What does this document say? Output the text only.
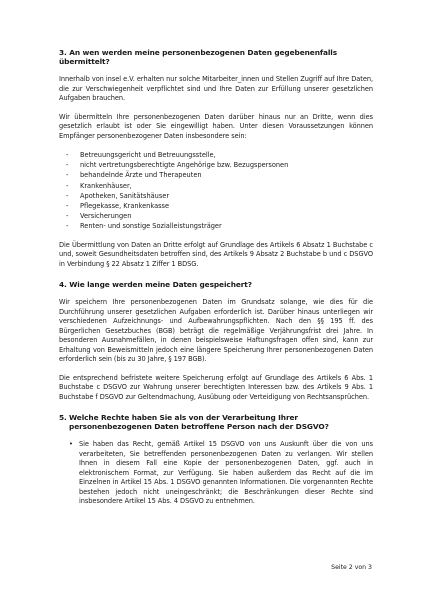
3. An wen werden meine personenbezogenen Daten gegebenenfalls übermittelt?

Innerhalb von insel e.V. erhalten nur solche Mitarbeiter_innen und Stellen Zugriff auf Ihre Daten, die zur Verschwiegenheit verpflichtet sind und Ihre Daten zur Erfüllung unserer gesetzlichen Aufgaben brauchen.

Wir übermitteln Ihre personenbezogenen Daten darüber hinaus nur an Dritte, wenn dies gesetzlich erlaubt ist oder Sie eingewilligt haben. Unter diesen Voraussetzungen können Empfänger personenbezogener Daten insbesondere sein:

- Betreuungsgericht und Betreuungsstelle,
- nicht vertretungsberechtigte Angehörige bzw. Bezugspersonen
- behandelnde Ärzte und Therapeuten
- Krankenhäuser,
- Apotheken, Sanitätshäuser
- Pflegekasse, Krankenkasse
- Versicherungen
- Renten- und sonstige Sozialleistungsträger

Die Übermittlung von Daten an Dritte erfolgt auf Grundlage des Artikels 6 Absatz 1 Buchstabe c und, soweit Gesundheitsdaten betroffen sind, des Artikels 9 Absatz 2 Buchstabe b und c DSGVO in Verbindung § 22 Absatz 1 Ziffer 1 BDSG.

4. Wie lange werden meine Daten gespeichert?

Wir speichern Ihre personenbezogenen Daten im Grundsatz solange, wie dies für die Durchführung unserer gesetzlichen Aufgaben erforderlich ist. Darüber hinaus unterliegen wir verschiedenen Aufzeichnungs- und Aufbewahrungspflichten. Nach den §§ 195 ff. des Bürgerlichen Gesetzbuches (BGB) beträgt die regelmäßige Verjährungsfrist drei Jahre. In besonderen Ausnahmefällen, in denen beispielsweise Haftungsfragen offen sind, kann zur Erhaltung von Beweismitteln jedoch eine längere Speicherung Ihrer personenbezogenen Daten erforderlich sein (bis zu 30 Jahre, § 197 BGB).

Die entsprechend befristete weitere Speicherung erfolgt auf Grundlage des Artikels 6 Abs. 1 Buchstabe c DSGVO zur Wahrung unserer berechtigten Interessen bzw. des Artikels 9 Abs. 1 Buchstabe f DSGVO zur Geltendmachung, Ausübung oder Verteidigung von Rechtsansprüchen.

5. Welche Rechte haben Sie als von der Verarbeitung Ihrer personenbezogenen Daten betroffene Person nach der DSGVO?
• Sie haben das Recht, gemäß Artikel 15 DSGVO von uns Auskunft über die von uns verarbeiteten, Sie betreffenden personenbezogenen Daten zu verlangen. Wir stellen Ihnen in diesem Fall eine Kopie der personenbezogenen Daten, ggf. auch in elektronischem Format, zur Verfügung. Sie haben außerdem das Recht auf die im Einzelnen in Artikel 15 Abs. 1 DSGVO genannten Informationen. Die vorgenannten Rechte bestehen jedoch nicht uneingeschränkt; die Beschränkungen dieser Rechte sind insbesondere Artikel 15 Abs. 4 DSGVO zu entnehmen.

Seite 2 von 3
